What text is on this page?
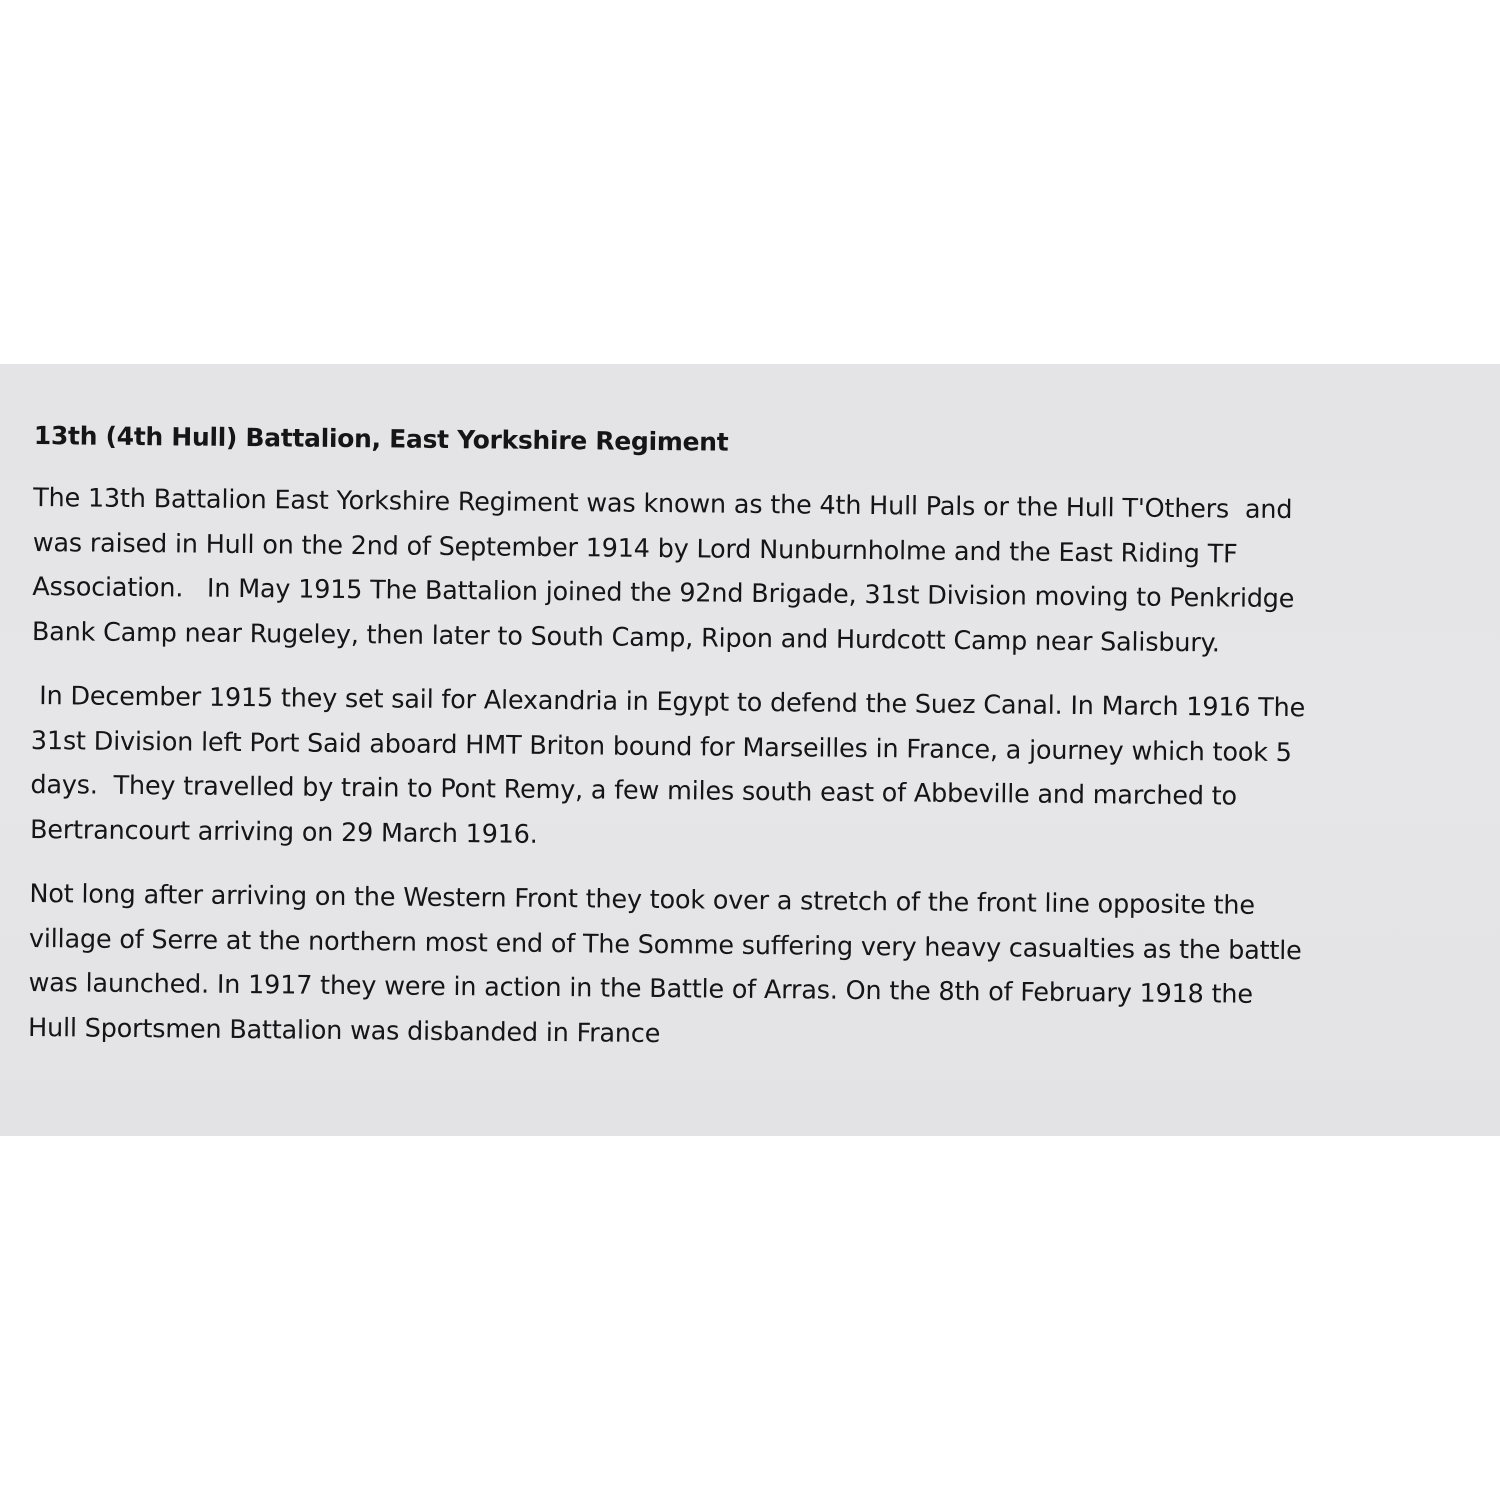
13th (4th Hull) Battalion, East Yorkshire Regiment
The 13th Battalion East Yorkshire Regiment was known as the 4th Hull Pals or the Hull T'Others  and
was raised in Hull on the 2nd of September 1914 by Lord Nunburnholme and the East Riding TF
Association.   In May 1915 The Battalion joined the 92nd Brigade, 31st Division moving to Penkridge
Bank Camp near Rugeley, then later to South Camp, Ripon and Hurdcott Camp near Salisbury.
In December 1915 they set sail for Alexandria in Egypt to defend the Suez Canal. In March 1916 The
31st Division left Port Said aboard HMT Briton bound for Marseilles in France, a journey which took 5
days.  They travelled by train to Pont Remy, a few miles south east of Abbeville and marched to
Bertrancourt arriving on 29 March 1916.
Not long after arriving on the Western Front they took over a stretch of the front line opposite the
village of Serre at the northern most end of The Somme suffering very heavy casualties as the battle
was launched. In 1917 they were in action in the Battle of Arras. On the 8th of February 1918 the
Hull Sportsmen Battalion was disbanded in France
